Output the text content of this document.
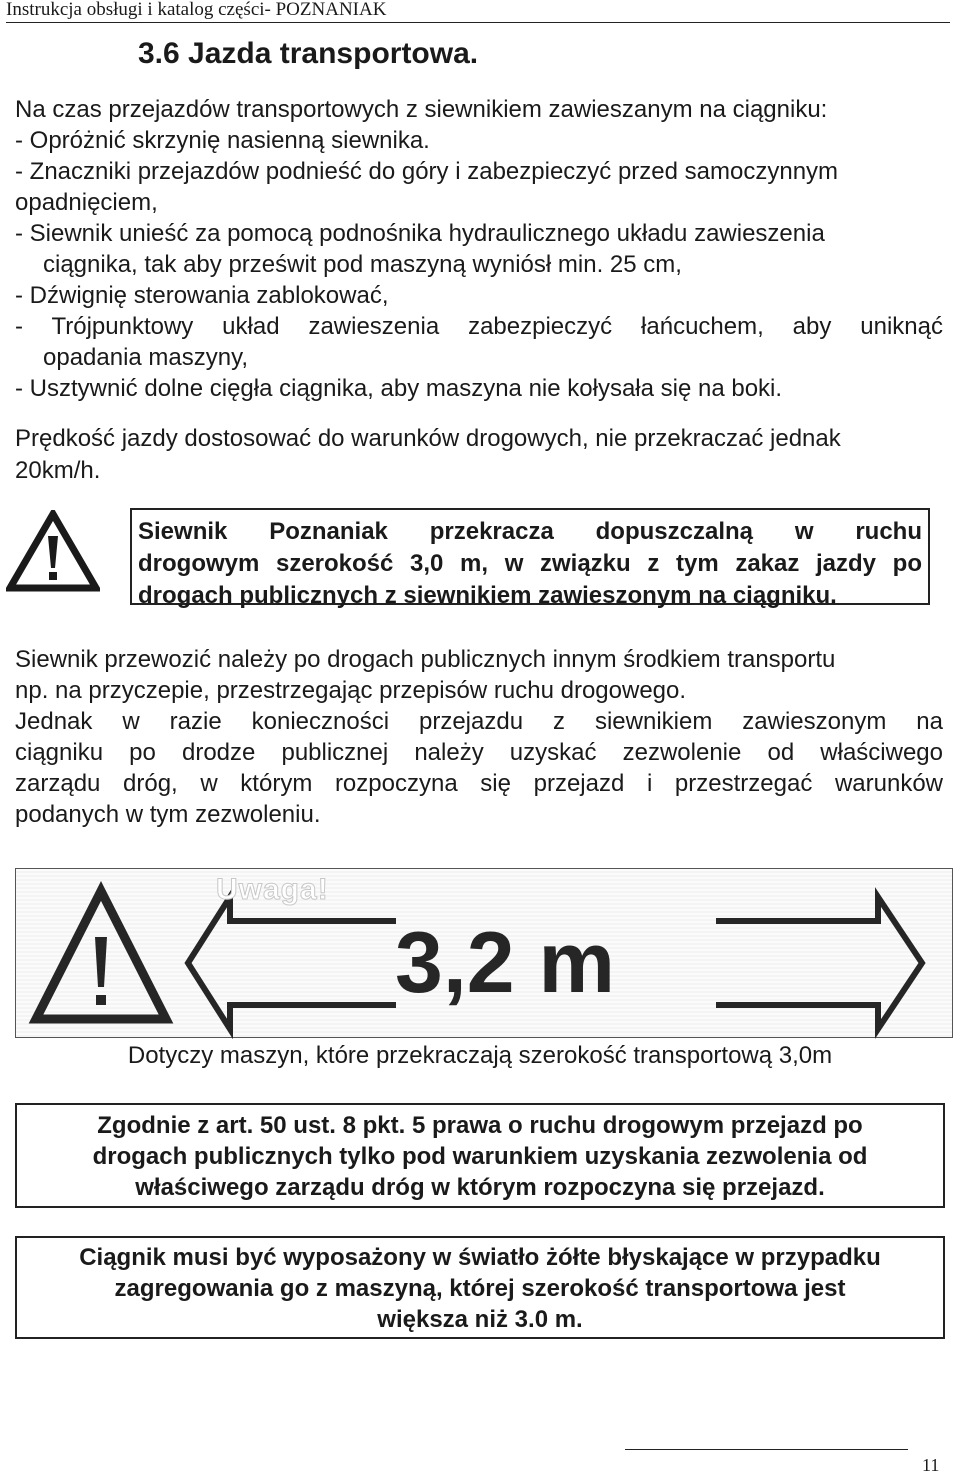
Instrukcja obsługi i katalog części- POZNANIAK
3.6 Jazda transportowa.
Na czas przejazdów transportowych z siewnikiem zawieszanym na ciągniku:
- Opróżnić skrzynię nasienną siewnika.
- Znaczniki przejazdów podnieść do góry i zabezpieczyć przed samoczynnym
opadnięciem,
- Siewnik unieść za pomocą podnośnika hydraulicznego układu zawieszenia
ciągnika, tak aby prześwit pod maszyną wyniósł min. 25 cm,
- Dźwignię sterowania zablokować,
- Trójpunktowy układ zawieszenia zabezpieczyć łańcuchem, aby uniknąć
opadania maszyny,
- Usztywnić dolne cięgła ciągnika, aby maszyna nie kołysała się na boki.
Prędkość jazdy dostosować do warunków drogowych, nie przekraczać jednak
20km/h.
Siewnik Poznaniak przekracza dopuszczalną w ruchu
drogowym szerokość 3,0 m, w związku z tym zakaz jazdy po
drogach publicznych z siewnikiem zawieszonym na ciągniku.
Siewnik przewozić należy po drogach publicznych innym środkiem transportu
np. na przyczepie, przestrzegając przepisów ruchu drogowego.
Jednak w razie konieczności przejazdu z siewnikiem zawieszonym na
ciągniku po drodze publicznej należy uzyskać zezwolenie od właściwego
zarządu dróg, w którym rozpoczyna się przejazd i przestrzegać warunków
podanych w tym zezwoleniu.
Uwaga!
3,2 m
Dotyczy maszyn, które przekraczają szerokość transportową 3,0m
Zgodnie z art. 50 ust. 8 pkt. 5 prawa o ruchu drogowym przejazd po
drogach publicznych tylko pod warunkiem uzyskania zezwolenia od
właściwego zarządu dróg w którym rozpoczyna się przejazd.
Ciągnik musi być wyposażony w światło żółte błyskające w przypadku
zagregowania go z maszyną, której szerokość transportowa jest
większa niż 3.0 m.
11
